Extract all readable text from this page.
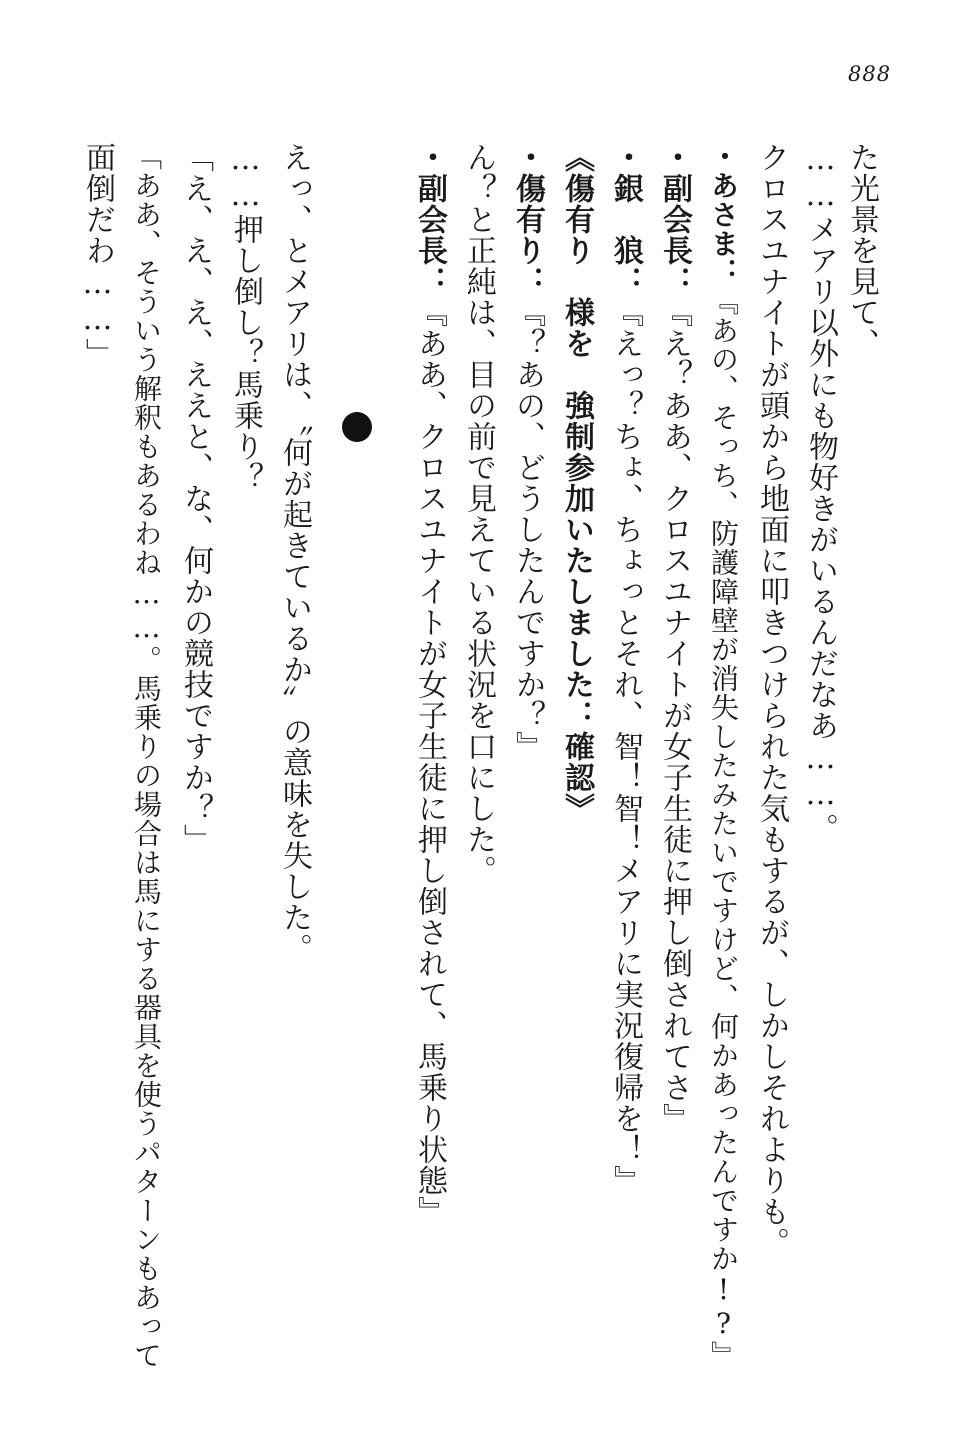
888
た光景を見て、
……メアリ以外にも物好きがいるんだなあ……。
クロスユナイトが頭から地面に叩きつけられた気もするが、しかしそれよりも。
・あさま：『あの、そっち、防護障壁が消失したみたいですけど、何かあったんですか!?』
・副会長：『え？ああ、クロスユナイトが女子生徒に押し倒されてさ』
・銀　狼：『えっ？ちょ、ちょっとそれ、智！智！メアリに実況復帰を！』
《傷有り　様を　強制参加いたしました：確認》
・傷有り：『？あの、どうしたんですか？』
ん？と正純は、目の前で見えている状況を口にした。
・副会長：『ああ、クロスユナイトが女子生徒に押し倒されて、馬乗り状態』
えっ、とメアリは、〝何が起きているか〟の意味を失した。
……押し倒し？馬乗り？
「え、え、え、ええと、な、何かの競技ですか？」
「ああ、そういう解釈もあるわね……。馬乗りの場合は馬にする器具を使うパターンもあって
面倒だわ……」
